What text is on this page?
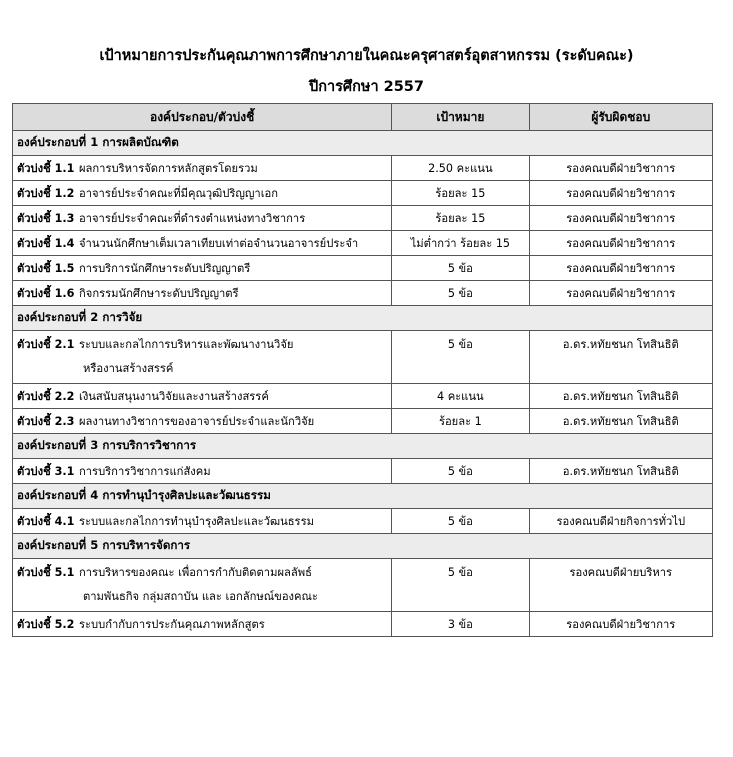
เป้าหมายการประกันคุณภาพการศึกษาภายในคณะครุศาสตร์อุตสาหกรรม (ระดับคณะ)
ปีการศึกษา 2557
องค์ประกอบ/ตัวบ่งชี้	เป้าหมาย	ผู้รับผิดชอบ
องค์ประกอบที่ 1 การผลิตบัณฑิต		
ตัวบ่งชี้ 1.1 ผลการบริหารจัดการหลักสูตรโดยรวม	2.50 คะแนน	รองคณบดีฝ่ายวิชาการ
ตัวบ่งชี้ 1.2 อาจารย์ประจำคณะที่มีคุณวุฒิปริญญาเอก	ร้อยละ 15	รองคณบดีฝ่ายวิชาการ
ตัวบ่งชี้ 1.3 อาจารย์ประจำคณะที่ดำรงตำแหน่งทางวิชาการ	ร้อยละ 15	รองคณบดีฝ่ายวิชาการ
ตัวบ่งชี้ 1.4 จำนวนนักศึกษาเต็มเวลาเทียบเท่าต่อจำนวนอาจารย์ประจำ	ไม่ต่ำกว่า ร้อยละ 15	รองคณบดีฝ่ายวิชาการ
ตัวบ่งชี้ 1.5 การบริการนักศึกษาระดับปริญญาตรี	5 ข้อ	รองคณบดีฝ่ายวิชาการ
ตัวบ่งชี้ 1.6 กิจกรรมนักศึกษาระดับปริญญาตรี	5 ข้อ	รองคณบดีฝ่ายวิชาการ
องค์ประกอบที่ 2 การวิจัย		
ตัวบ่งชี้ 2.1 ระบบและกลไกการบริหารและพัฒนางานวิจัย
หรืองานสร้างสรรค์	5 ข้อ	อ.ดร.หทัยชนก โทสินธิติ
ตัวบ่งชี้ 2.2 เงินสนับสนุนงานวิจัยและงานสร้างสรรค์	4 คะแนน	อ.ดร.หทัยชนก โทสินธิติ
ตัวบ่งชี้ 2.3 ผลงานทางวิชาการของอาจารย์ประจำและนักวิจัย	ร้อยละ 1	อ.ดร.หทัยชนก โทสินธิติ
องค์ประกอบที่ 3 การบริการวิชาการ		
ตัวบ่งชี้ 3.1 การบริการวิชาการแก่สังคม	5 ข้อ	อ.ดร.หทัยชนก โทสินธิติ
องค์ประกอบที่ 4 การทำนุบำรุงศิลปะและวัฒนธรรม		
ตัวบ่งชี้ 4.1 ระบบและกลไกการทำนุบำรุงศิลปะและวัฒนธรรม	5 ข้อ	รองคณบดีฝ่ายกิจการทั่วไป
องค์ประกอบที่ 5 การบริหารจัดการ		
ตัวบ่งชี้ 5.1 การบริหารของคณะ เพื่อการกำกับติดตามผลลัพธ์
ตามพันธกิจ กลุ่มสถาบัน และ เอกลักษณ์ของคณะ	5 ข้อ	รองคณบดีฝ่ายบริหาร
ตัวบ่งชี้ 5.2 ระบบกำกับการประกันคุณภาพหลักสูตร	3 ข้อ	รองคณบดีฝ่ายวิชาการ
